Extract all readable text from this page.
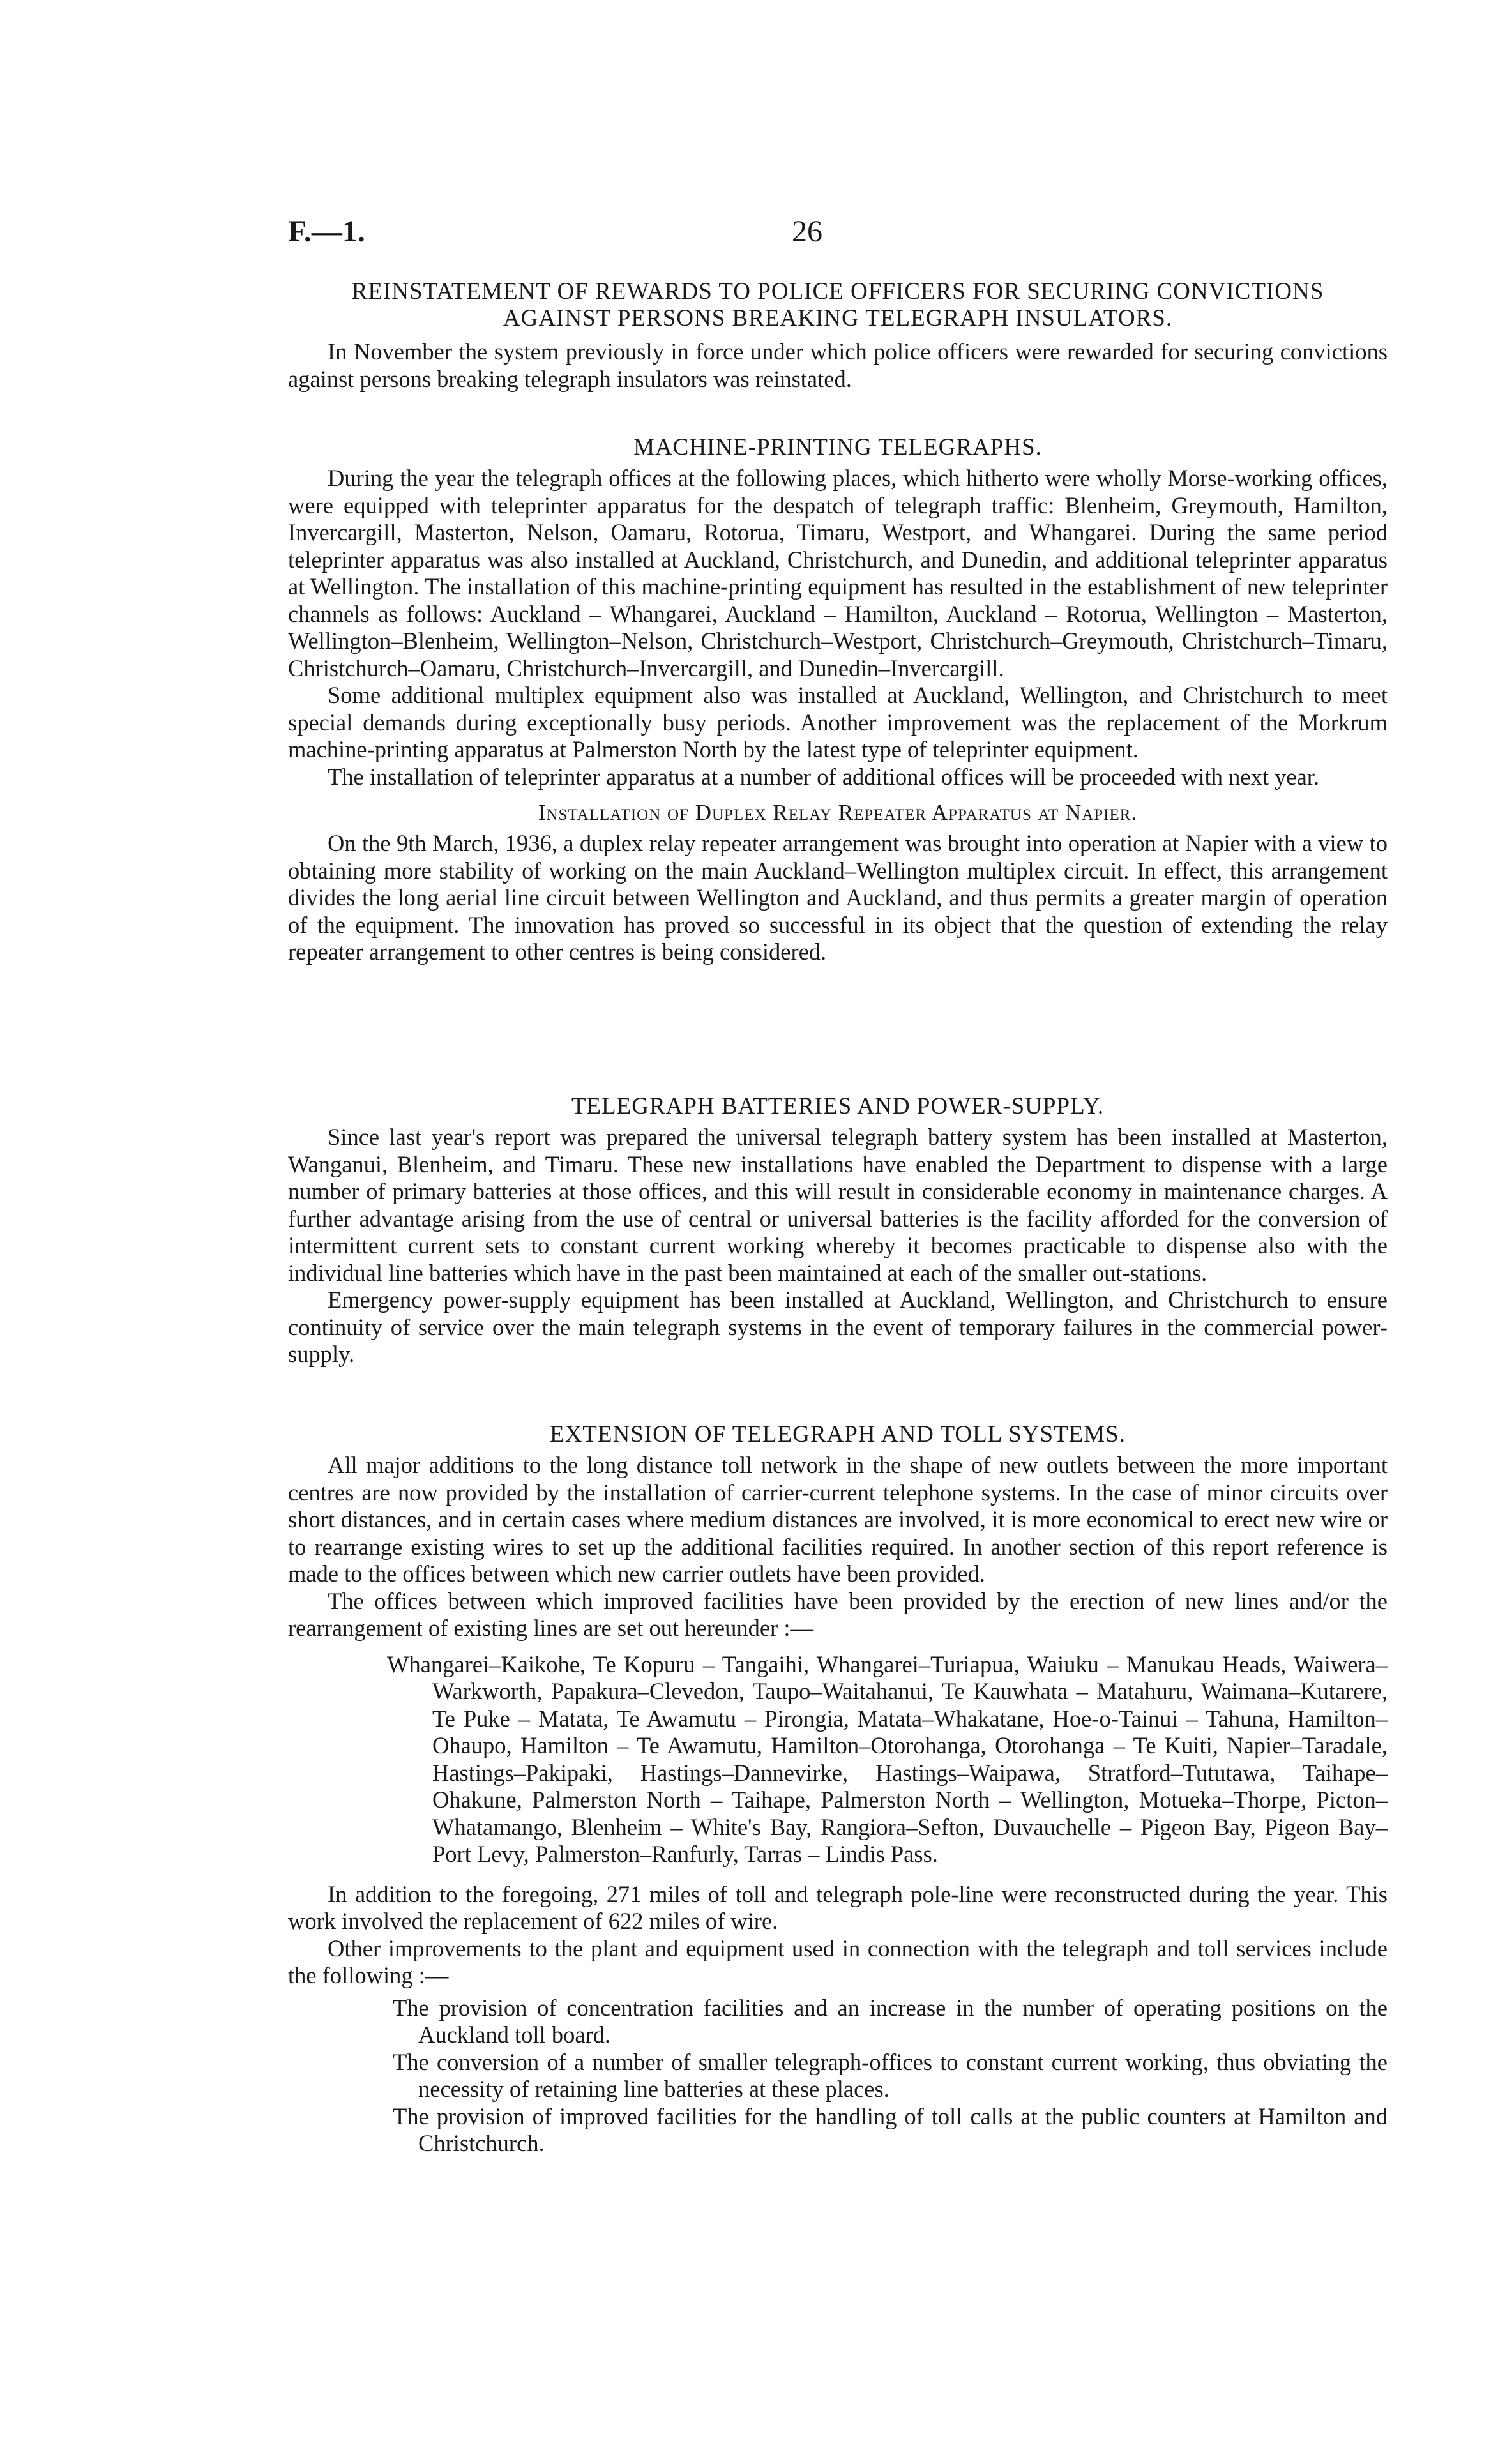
F.—1.	26
REINSTATEMENT OF REWARDS TO POLICE OFFICERS FOR SECURING CONVICTIONS
AGAINST PERSONS BREAKING TELEGRAPH INSULATORS.

In November the system previously in force under which police officers were rewarded for securing convictions against persons breaking telegraph insulators was reinstated.

MACHINE-PRINTING TELEGRAPHS.

During the year the telegraph offices at the following places, which hitherto were wholly Morse-working offices, were equipped with teleprinter apparatus for the despatch of telegraph traffic: Blenheim, Greymouth, Hamilton, Invercargill, Masterton, Nelson, Oamaru, Rotorua, Timaru, Westport, and Whangarei. During the same period teleprinter apparatus was also installed at Auckland, Christchurch, and Dunedin, and additional teleprinter apparatus at Wellington. The installation of this machine-printing equipment has resulted in the establishment of new teleprinter channels as follows: Auckland – Whangarei, Auckland – Hamilton, Auckland – Rotorua, Wellington – Masterton, Wellington–Blenheim, Wellington–Nelson, Christchurch–Westport, Christchurch–Greymouth, Christchurch–Timaru, Christchurch–Oamaru, Christchurch–Invercargill, and Dunedin–Invercargill.

Some additional multiplex equipment also was installed at Auckland, Wellington, and Christchurch to meet special demands during exceptionally busy periods. Another improvement was the replacement of the Morkrum machine-printing apparatus at Palmerston North by the latest type of teleprinter equipment.

The installation of teleprinter apparatus at a number of additional offices will be proceeded with next year.

Installation of Duplex Relay Repeater Apparatus at Napier.

On the 9th March, 1936, a duplex relay repeater arrangement was brought into operation at Napier with a view to obtaining more stability of working on the main Auckland–Wellington multiplex circuit. In effect, this arrangement divides the long aerial line circuit between Wellington and Auckland, and thus permits a greater margin of operation of the equipment. The innovation has proved so successful in its object that the question of extending the relay repeater arrangement to other centres is being considered.

TELEGRAPH BATTERIES AND POWER-SUPPLY.

Since last year's report was prepared the universal telegraph battery system has been installed at Masterton, Wanganui, Blenheim, and Timaru. These new installations have enabled the Department to dispense with a large number of primary batteries at those offices, and this will result in considerable economy in maintenance charges. A further advantage arising from the use of central or universal batteries is the facility afforded for the conversion of intermittent current sets to constant current working whereby it becomes practicable to dispense also with the individual line batteries which have in the past been maintained at each of the smaller out-stations.

Emergency power-supply equipment has been installed at Auckland, Wellington, and Christchurch to ensure continuity of service over the main telegraph systems in the event of temporary failures in the commercial power-supply.

EXTENSION OF TELEGRAPH AND TOLL SYSTEMS.

All major additions to the long distance toll network in the shape of new outlets between the more important centres are now provided by the installation of carrier-current telephone systems. In the case of minor circuits over short distances, and in certain cases where medium distances are involved, it is more economical to erect new wire or to rearrange existing wires to set up the additional facilities required. In another section of this report reference is made to the offices between which new carrier outlets have been provided.

The offices between which improved facilities have been provided by the erection of new lines and/or the rearrangement of existing lines are set out hereunder :—

Whangarei–Kaikohe, Te Kopuru – Tangaihi, Whangarei–Turiapua, Waiuku – Manukau Heads, Waiwera–Warkworth, Papakura–Clevedon, Taupo–Waitahanui, Te Kauwhata – Matahuru, Waimana–Kutarere, Te Puke – Matata, Te Awamutu – Pirongia, Matata–Whakatane, Hoe-o-Tainui – Tahuna, Hamilton–Ohaupo, Hamilton – Te Awamutu, Hamilton–Otorohanga, Otorohanga – Te Kuiti, Napier–Taradale, Hastings–Pakipaki, Hastings–Dannevirke, Hastings–Waipawa, Stratford–Tututawa, Taihape–Ohakune, Palmerston North – Taihape, Palmerston North – Wellington, Motueka–Thorpe, Picton–Whatamango, Blenheim – White's Bay, Rangiora–Sefton, Duvauchelle – Pigeon Bay, Pigeon Bay–Port Levy, Palmerston–Ranfurly, Tarras – Lindis Pass.

In addition to the foregoing, 271 miles of toll and telegraph pole-line were reconstructed during the year. This work involved the replacement of 622 miles of wire.

Other improvements to the plant and equipment used in connection with the telegraph and toll services include the following :—

The provision of concentration facilities and an increase in the number of operating positions on the Auckland toll board.

The conversion of a number of smaller telegraph-offices to constant current working, thus obviating the necessity of retaining line batteries at these places.

The provision of improved facilities for the handling of toll calls at the public counters at Hamilton and Christchurch.
